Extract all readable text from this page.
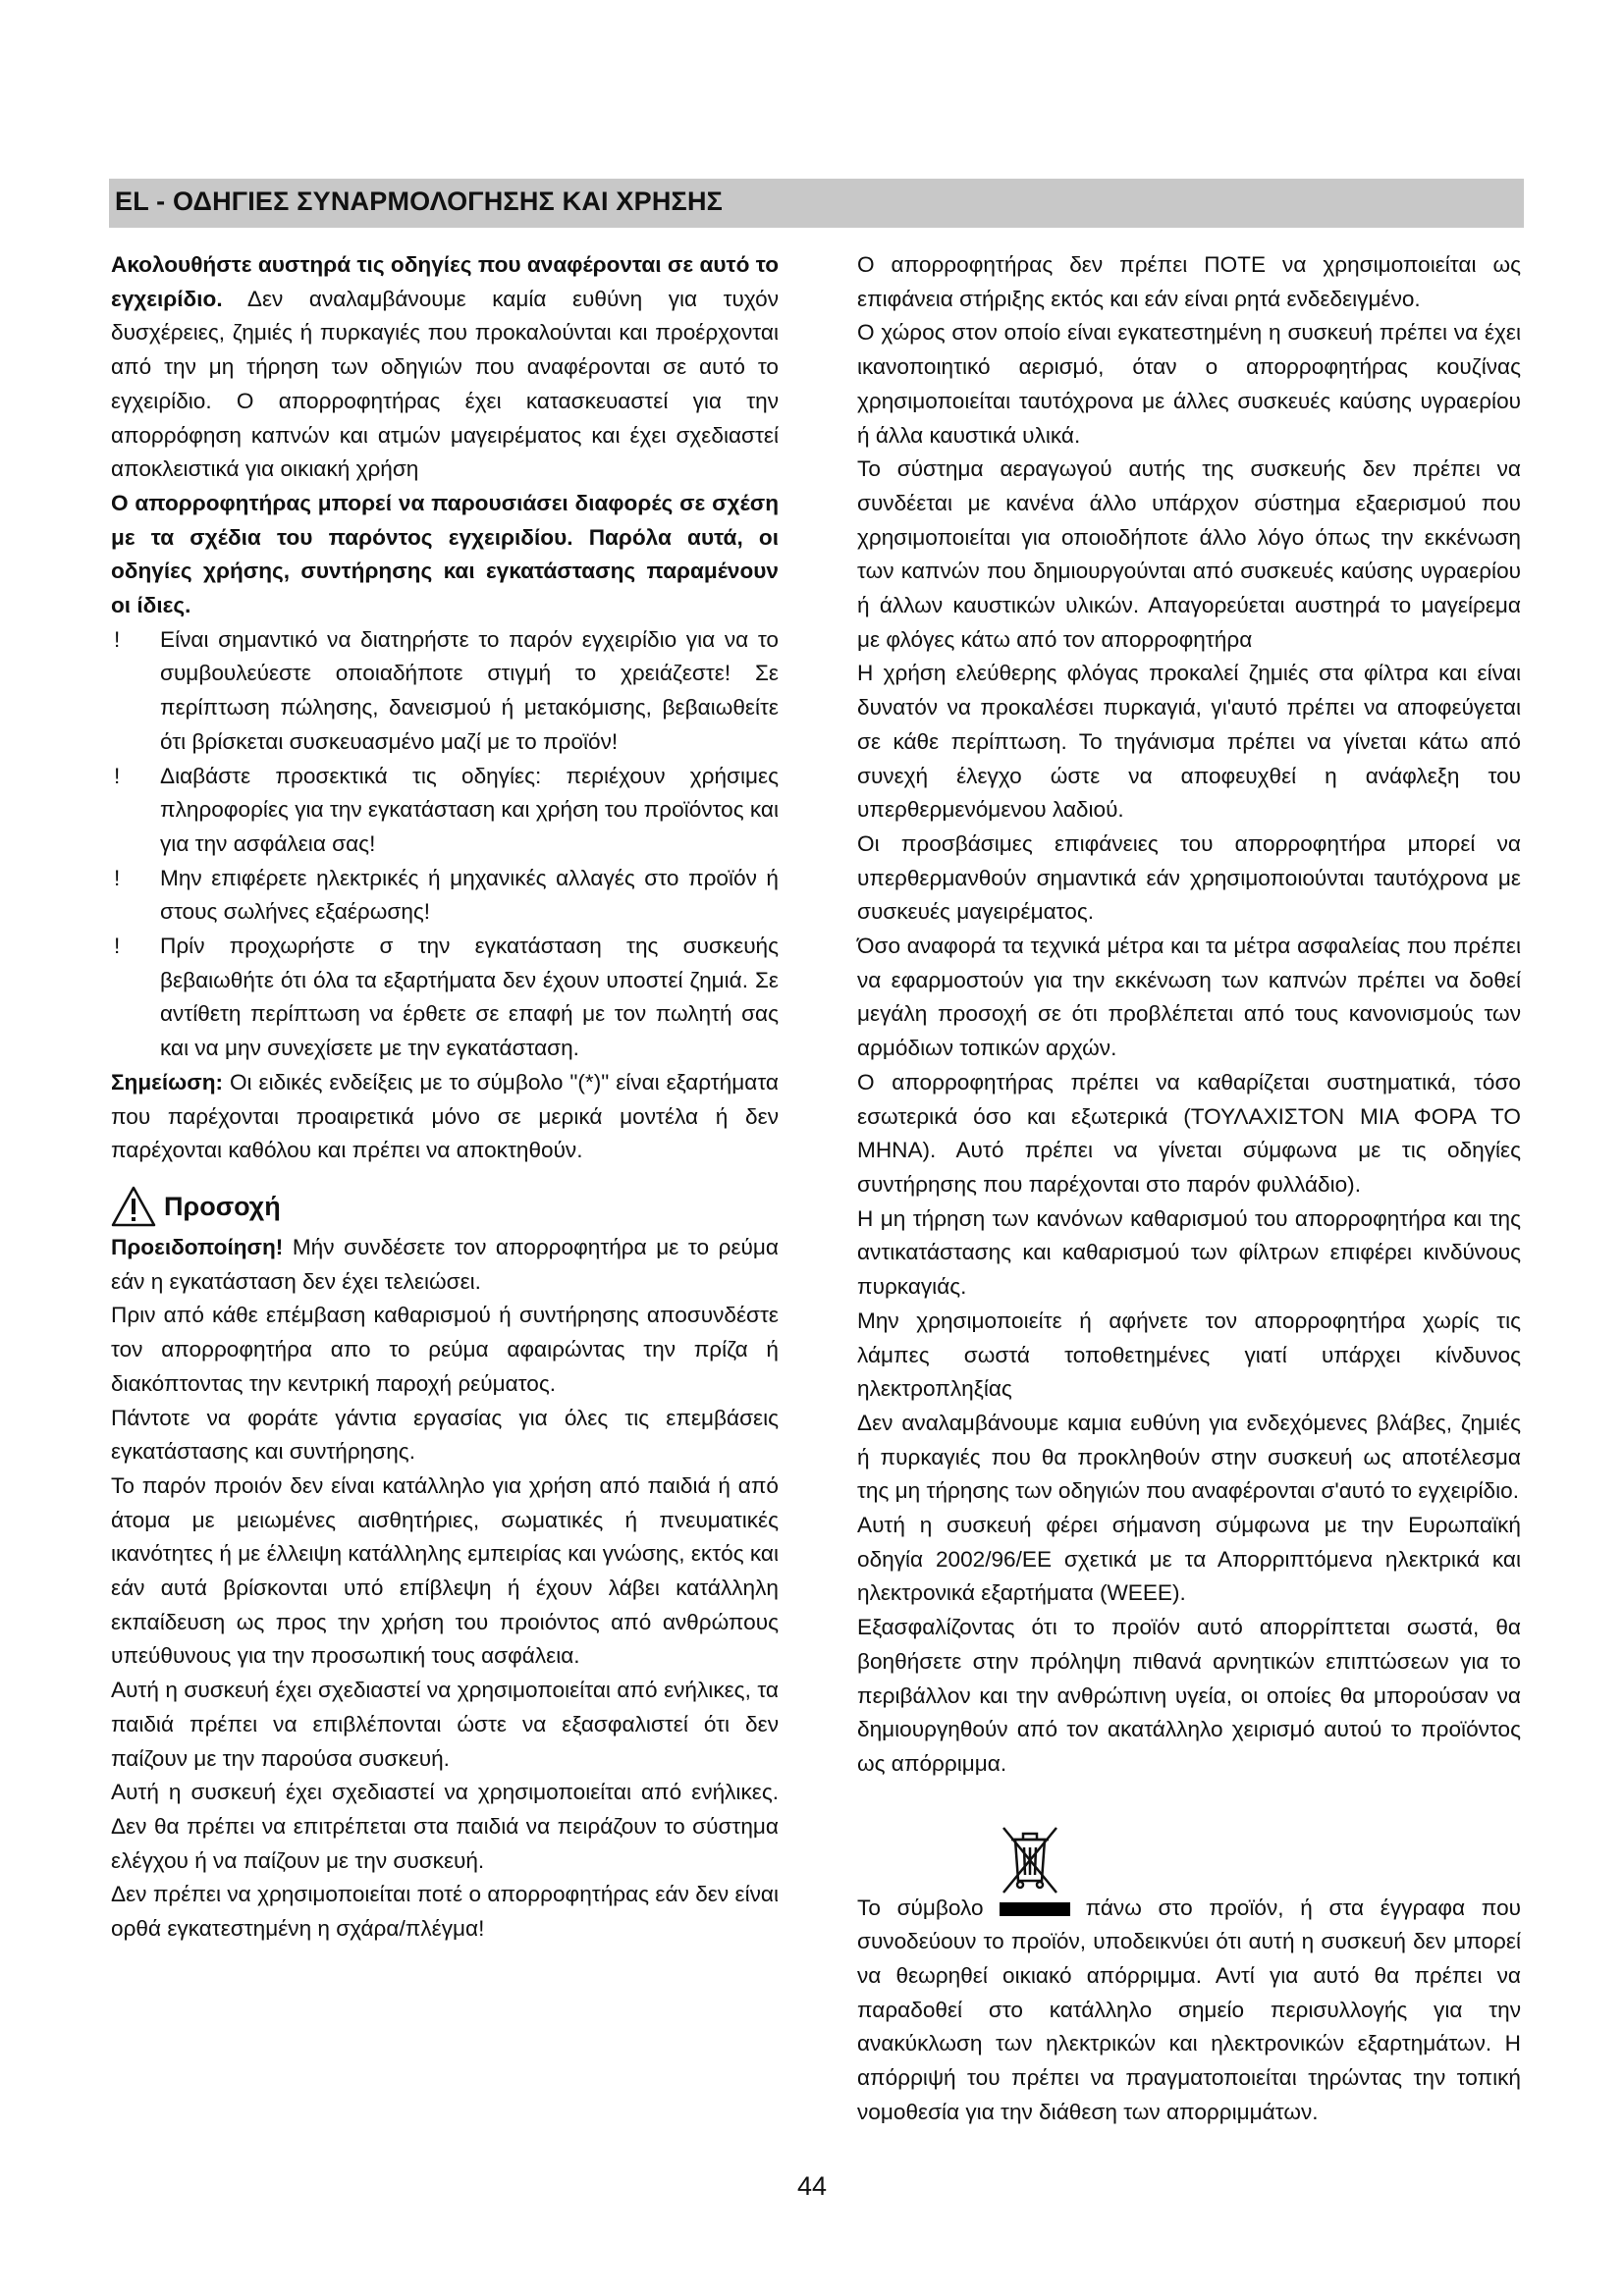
EL - ΟΔΗΓΙΕΣ ΣΥΝΑΡΜΟΛΟΓΗΣΗΣ ΚΑΙ ΧΡΗΣΗΣ

Ακολουθήστε αυστηρά τις οδηγίες που αναφέρονται σε αυτό το εγχειρίδιο. Δεν αναλαμβάνουμε καμία ευθύνη για τυχόν δυσχέρειες, ζημιές ή πυρκαγιές που προκαλούνται και προέρχονται από την μη τήρηση των οδηγιών που αναφέρονται σε αυτό το εγχειρίδιο. Ο απορροφητήρας έχει κατασκευαστεί για την απορρόφηση καπνών και ατμών μαγειρέματος και έχει σχεδιαστεί αποκλειστικά για οικιακή χρήση

Ο απορροφητήρας μπορεί να παρουσιάσει διαφορές σε σχέση με τα σχέδια του παρόντος εγχειριδίου. Παρόλα αυτά, οι οδηγίες χρήσης, συντήρησης και εγκατάστασης παραμένουν οι ίδιες.

! Είναι σημαντικό να διατηρήστε το παρόν εγχειρίδιο για να το συμβουλεύεστε οποιαδήποτε στιγμή το χρειάζεστε! Σε περίπτωση πώλησης, δανεισμού ή μετακόμισης, βεβαιωθείτε ότι βρίσκεται συσκευασμένο μαζί με το προϊόν!

! Διαβάστε προσεκτικά τις οδηγίες: περιέχουν χρήσιμες πληροφορίες για την εγκατάσταση και χρήση του προϊόντος και για την ασφάλεια σας!

! Μην επιφέρετε ηλεκτρικές ή μηχανικές αλλαγές στο προϊόν ή στους σωλήνες εξαέρωσης!

! Πρίν προχωρήστε σ την εγκατάσταση της συσκευής βεβαιωθήτε ότι όλα τα εξαρτήματα δεν έχουν υποστεί ζημιά. Σε αντίθετη περίπτωση να έρθετε σε επαφή με τον πωλητή σας και να μην συνεχίσετε με την εγκατάσταση.

Σημείωση: Οι ειδικές ενδείξεις με το σύμβολο "(*)" είναι εξαρτήματα που παρέχονται προαιρετικά μόνο σε μερικά μοντέλα ή δεν παρέχονται καθόλου και πρέπει να αποκτηθούν.

Προσοχή

Προειδοποίηση! Μήν συνδέσετε τον απορροφητήρα με το ρεύμα εάν η εγκατάσταση δεν έχει τελειώσει.

Πριν από κάθε επέμβαση καθαρισμού ή συντήρησης αποσυνδέστε τον απορροφητήρα απο το ρεύμα αφαιρώντας την πρίζα ή διακόπτοντας την κεντρική παροχή ρεύματος.

Πάντοτε να φοράτε γάντια εργασίας για όλες τις επεμβάσεις εγκατάστασης και συντήρησης.

Το παρόν προιόν δεν είναι κατάλληλο για χρήση από παιδιά ή από άτομα με μειωμένες αισθητήριες, σωματικές ή πνευματικές ικανότητες ή με έλλειψη κατάλληλης εμπειρίας και γνώσης, εκτός και εάν αυτά βρίσκονται υπό επίβλεψη ή έχουν λάβει κατάλληλη εκπαίδευση ως προς την χρήση του προιόντος από ανθρώπους υπεύθυνους για την προσωπική τους ασφάλεια.

Αυτή η συσκευή έχει σχεδιαστεί να χρησιμοποιείται από ενήλικες, τα παιδιά πρέπει να επιβλέπονται ώστε να εξασφαλιστεί ότι δεν παίζουν με την παρούσα συσκευή.

Αυτή η συσκευή έχει σχεδιαστεί να χρησιμοποιείται από ενήλικες. Δεν θα πρέπει να επιτρέπεται στα παιδιά να πειράζουν το σύστημα ελέγχου ή να παίζουν με την συσκευή.

Δεν πρέπει να χρησιμοποιείται ποτέ ο απορροφητήρας εάν δεν είναι ορθά εγκατεστημένη η σχάρα/πλέγμα!

Ο απορροφητήρας δεν πρέπει ΠΟΤΕ να χρησιμοποιείται ως επιφάνεια στήριξης εκτός και εάν είναι ρητά ενδεδειγμένο.

Ο χώρος στον οποίο είναι εγκατεστημένη η συσκευή πρέπει να έχει ικανοποιητικό αερισμό, όταν ο απορροφητήρας κουζίνας χρησιμοποιείται ταυτόχρονα με άλλες συσκευές καύσης υγραερίου ή άλλα καυστικά υλικά.

Το σύστημα αεραγωγού αυτής της συσκευής δεν πρέπει να συνδέεται με κανένα άλλο υπάρχον σύστημα εξαερισμού που χρησιμοποιείται για οποιοδήποτε άλλο λόγο όπως την εκκένωση των καπνών που δημιουργούνται από συσκευές καύσης υγραερίου ή άλλων καυστικών υλικών. Απαγορεύεται αυστηρά το μαγείρεμα με φλόγες κάτω από τον απορροφητήρα

Η χρήση ελεύθερης φλόγας προκαλεί ζημιές στα φίλτρα και είναι δυνατόν να προκαλέσει πυρκαγιά, γι'αυτό πρέπει να αποφεύγεται σε κάθε περίπτωση. Το τηγάνισμα πρέπει να γίνεται κάτω από συνεχή έλεγχο ώστε να αποφευχθεί η ανάφλεξη του υπερθερμενόμενου λαδιού.

Οι προσβάσιμες επιφάνειες του απορροφητήρα μπορεί να υπερθερμανθούν σημαντικά εάν χρησιμοποιούνται ταυτόχρονα με συσκευές μαγειρέματος.

Όσο αναφορά τα τεχνικά μέτρα και τα μέτρα ασφαλείας που πρέπει να εφαρμοστούν για την εκκένωση των καπνών πρέπει να δοθεί μεγάλη προσοχή σε ότι προβλέπεται από τους κανονισμούς των αρμόδιων τοπικών αρχών.

Ο απορροφητήρας πρέπει να καθαρίζεται συστηματικά, τόσο εσωτερικά όσο και εξωτερικά (ΤΟΥΛΑΧΙΣΤΟΝ ΜΙΑ ΦΟΡΑ ΤΟ ΜΗΝΑ). Αυτό πρέπει να γίνεται σύμφωνα με τις οδηγίες συντήρησης που παρέχονται στο παρόν φυλλάδιο).

Η μη τήρηση των κανόνων καθαρισμού του απορροφητήρα και της αντικατάστασης και καθαρισμού των φίλτρων επιφέρει κινδύνους πυρκαγιάς.

Μην χρησιμοποιείτε ή αφήνετε τον απορροφητήρα χωρίς τις λάμπες σωστά τοποθετημένες γιατί υπάρχει κίνδυνος ηλεκτροπληξίας

Δεν αναλαμβάνουμε καμια ευθύνη για ενδεχόμενες βλάβες, ζημιές ή πυρκαγιές που θα προκληθούν στην συσκευή ως αποτέλεσμα της μη τήρησης των οδηγιών που αναφέρονται σ'αυτό το εγχειρίδιο.

Αυτή η συσκευή φέρει σήμανση σύμφωνα με την Ευρωπαϊκή οδηγία 2002/96/ΕΕ σχετικά με τα Απορριπτόμενα ηλεκτρικά και ηλεκτρονικά εξαρτήματα (WEEE).

Εξασφαλίζοντας ότι το προϊόν αυτό απορρίπτεται σωστά, θα βοηθήσετε στην πρόληψη πιθανά αρνητικών επιπτώσεων για το περιβάλλον και την ανθρώπινη υγεία, οι οποίες θα μπορούσαν να δημιουργηθούν από τον ακατάλληλο χειρισμό αυτού το προϊόντος ως απόρριμμα.

Το σύμβολο	πάνω στο προϊόν, ή στα έγγραφα που συνοδεύουν το προϊόν, υποδεικνύει ότι αυτή η συσκευή δεν μπορεί να θεωρηθεί οικιακό απόρριμμα. Αντί για αυτό θα πρέπει να παραδοθεί στο κατάλληλο σημείο περισυλλογής για την ανακύκλωση των ηλεκτρικών και ηλεκτρονικών εξαρτημάτων. Η απόρριψή του πρέπει να πραγματοποιείται τηρώντας την τοπική νομοθεσία για την διάθεση των απορριμμάτων.

44
